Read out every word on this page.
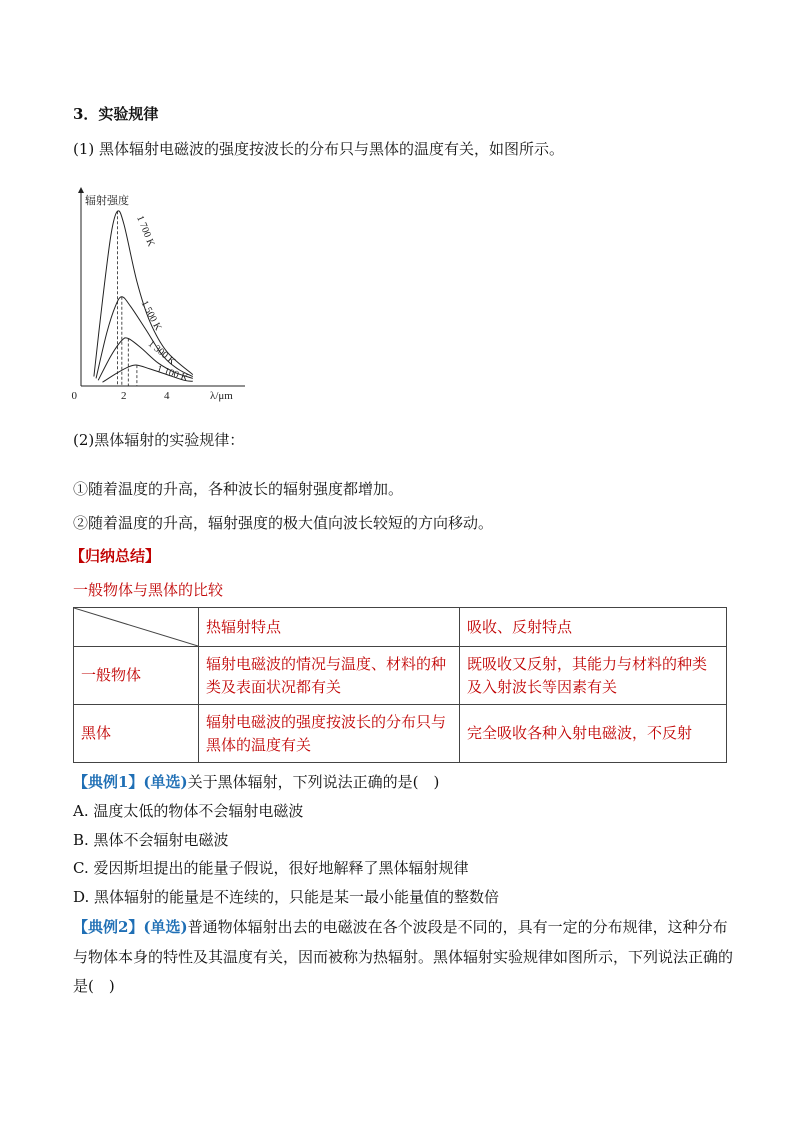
3．实验规律
(1) 黑体辐射电磁波的强度按波长的分布只与黑体的温度有关，如图所示。
辐射强度
λ/μm
0	2	4
1 700 K
1 500 K
1 300 K
1 100 K
(2)黑体辐射的实验规律：
①随着温度的升高，各种波长的辐射强度都增加。
②随着温度的升高，辐射强度的极大值向波长较短的方向移动。
【归纳总结】
一般物体与黑体的比较
	热辐射特点	吸收、反射特点
一般物体	辐射电磁波的情况与温度、材料的种类及表面状况都有关	既吸收又反射，其能力与材料的种类及入射波长等因素有关
黑体	辐射电磁波的强度按波长的分布只与黑体的温度有关	完全吸收各种入射电磁波，不反射
【典例1】(单选)关于黑体辐射，下列说法正确的是(　)
A. 温度太低的物体不会辐射电磁波
B. 黑体不会辐射电磁波
C. 爱因斯坦提出的能量子假说，很好地解释了黑体辐射规律
D. 黑体辐射的能量是不连续的，只能是某一最小能量值的整数倍
【典例2】(单选)普通物体辐射出去的电磁波在各个波段是不同的，具有一定的分布规律，这种分布
与物体本身的特性及其温度有关，因而被称为热辐射。黑体辐射实验规律如图所示，下列说法正确的
是(　)
